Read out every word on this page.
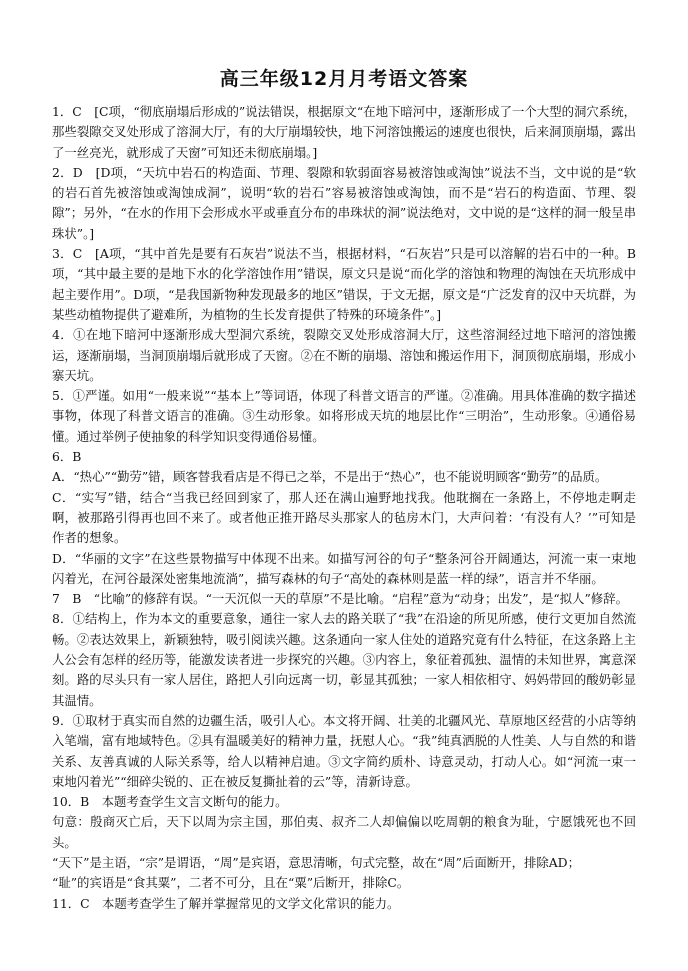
高三年级12月月考语文答案

1．C　[C项，“彻底崩塌后形成的”说法错误，根据原文“在地下暗河中，逐渐形成了一个大型的洞穴系统，那些裂隙交叉处形成了溶洞大厅，有的大厅崩塌较快，地下河溶蚀搬运的速度也很快，后来洞顶崩塌，露出了一丝亮光，就形成了天窗”可知还未彻底崩塌。]

2．D　[D项，“天坑中岩石的构造面、节理、裂隙和软弱面容易被溶蚀或淘蚀”说法不当，文中说的是“软的岩石首先被溶蚀或淘蚀成洞”，说明“软的岩石”容易被溶蚀或淘蚀，而不是“岩石的构造面、节理、裂隙”；另外，“在水的作用下会形成水平或垂直分布的串珠状的洞”说法绝对，文中说的是“这样的洞一般呈串珠状”。]

3．C　[A项，“其中首先是要有石灰岩”说法不当，根据材料，“石灰岩”只是可以溶解的岩石中的一种。B项，“其中最主要的是地下水的化学溶蚀作用”错误，原文只是说“而化学的溶蚀和物理的淘蚀在天坑形成中起主要作用”。D项，“是我国新物种发现最多的地区”错误，于文无据，原文是“广泛发育的汉中天坑群，为某些动植物提供了避难所，为植物的生长发育提供了特殊的环境条件”。]

4．①在地下暗河中逐渐形成大型洞穴系统，裂隙交叉处形成溶洞大厅，这些溶洞经过地下暗河的溶蚀搬运，逐渐崩塌，当洞顶崩塌后就形成了天窗。②在不断的崩塌、溶蚀和搬运作用下，洞顶彻底崩塌，形成小寨天坑。

5．①严谨。如用“一般来说”“基本上”等词语，体现了科普文语言的严谨。②准确。用具体准确的数字描述事物，体现了科普文语言的准确。③生动形象。如将形成天坑的地层比作“三明治”，生动形象。④通俗易懂。通过举例子使抽象的科学知识变得通俗易懂。

6．B

A．“热心”“勤劳”错，顾客替我看店是不得已之举，不是出于“热心”，也不能说明顾客“勤劳”的品质。

C．“实写”错，结合“当我已经回到家了，那人还在满山遍野地找我。他耽搁在一条路上，不停地走啊走啊，被那路引得再也回不来了。或者他正推开路尽头那家人的毡房木门，大声问着：‘有没有人？’”可知是作者的想象。

D．“华丽的文字”在这些景物描写中体现不出来。如描写河谷的句子“整条河谷开阔通达，河流一束一束地闪着光，在河谷最深处密集地流淌”，描写森林的句子“高处的森林则是蓝一样的绿”，语言并不华丽。

7　B　“比喻”的修辞有误。“一天沉似一天的草原”不是比喻。“启程”意为“动身；出发”，是“拟人”修辞。

8．①结构上，作为本文的重要意象，通往一家人去的路关联了“我”在沿途的所见所感，使行文更加自然流畅。②表达效果上，新颖独特，吸引阅读兴趣。这条通向一家人住处的道路究竟有什么特征，在这条路上主人公会有怎样的经历等，能激发读者进一步探究的兴趣。③内容上，象征着孤独、温情的未知世界，寓意深刻。路的尽头只有一家人居住，路把人引向远离一切，彰显其孤独；一家人相依相守、妈妈带回的酸奶彰显其温情。

9．①取材于真实而自然的边疆生活，吸引人心。本文将开阔、壮美的北疆风光、草原地区经营的小店等纳入笔端，富有地域特色。②具有温暖美好的精神力量，抚慰人心。“我”纯真洒脱的人性美、人与自然的和谐关系、友善真诚的人际关系等，给人以精神启迪。③文字简约质朴、诗意灵动，打动人心。如“河流一束一束地闪着光”“细碎尖锐的、正在被反复撕扯着的云”等，清新诗意。

10．B　本题考查学生文言文断句的能力。

句意：殷商灭亡后，天下以周为宗主国，那伯夷、叔齐二人却偏偏以吃周朝的粮食为耻，宁愿饿死也不回头。

“天下”是主语，“宗”是谓语，“周”是宾语，意思清晰，句式完整，故在“周”后面断开，排除AD；

“耻”的宾语是“食其粟”，二者不可分，且在“粟”后断开，排除C。

11．C　本题考查学生了解并掌握常见的文学文化常识的能力。
